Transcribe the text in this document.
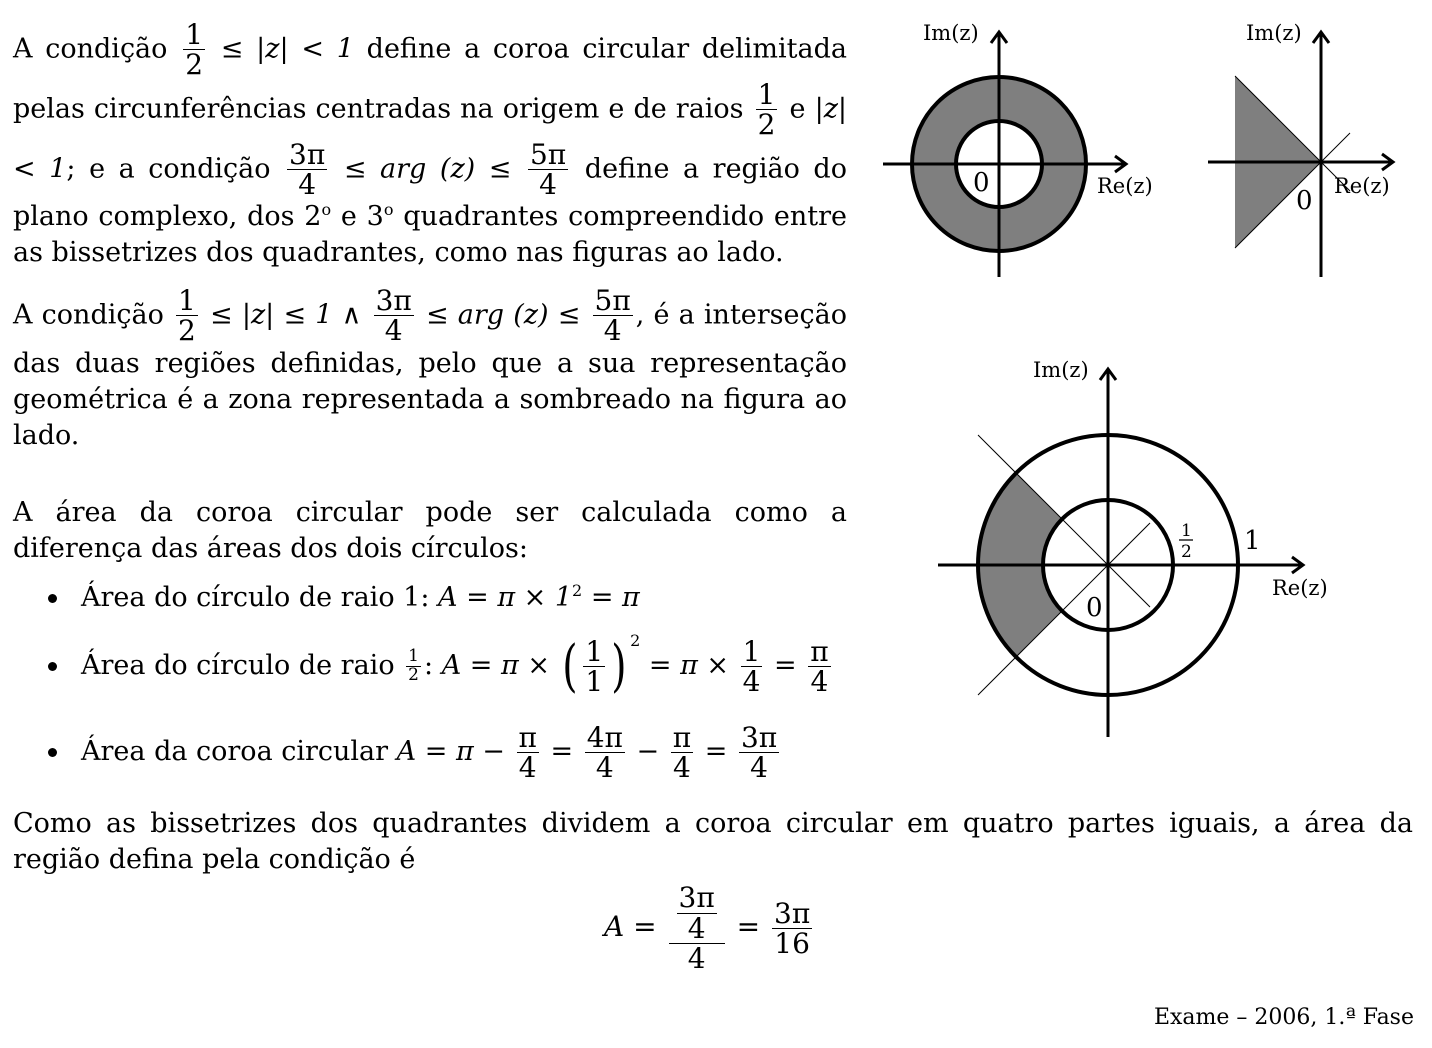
A condição $\frac{1}{2} \le |z| < 1$ define a coroa circular delimitada pelas circunferências centradas na origem e de raios $\frac{1}{2}$ e |z| < 1; e a condição $\frac{3\pi}{4}$ ≤ arg $(z) \le \frac{5\pi}{4}$ define a região do plano complexo, dos 2$^o$ e 3$^o$ quadrantes compreendido entre as bissetrizes dos quadrantes, como nas figuras ao lado.
A condição $\frac{1}{2} \le |z| \le 1$ ∧ $\frac{3\pi}{4}$ ≤ arg $(z) \le \frac{5\pi}{4}$ , é a interseção das duas regiões definidas, pelo que a sua representação geométrica é a zona representada a sombreado na figura ao lado.
A área da coroa circular pode ser calculada como a diferença das áreas dos dois círculos:
Área do círculo de raio 1: $A = \pi \times 1^2 = \pi$
Área do círculo de raio $\frac{1}{2}$ : A = π × ( $\frac{1}{1}$ ) $^2 = \pi \times \frac{1}{4} = \frac{\pi}{4}$
Área da coroa circular $A = \pi - \frac{\pi}{4} = \frac{4\pi}{4} - \frac{\pi}{4} = \frac{3\pi}{4}$
Como as bissetrizes dos quadrantes dividem a coroa circular em quatro partes iguais, a área da região defina pela condição é
$A = \frac{\frac{3\pi}{4}}{4} = \frac{3\pi}{16}$
Im(z)
Re(z)
0
Im(z)
Re(z)
0
Im(z)
Re(z)
0
1
2 1
Exame – 2006, 1.ª Fase
